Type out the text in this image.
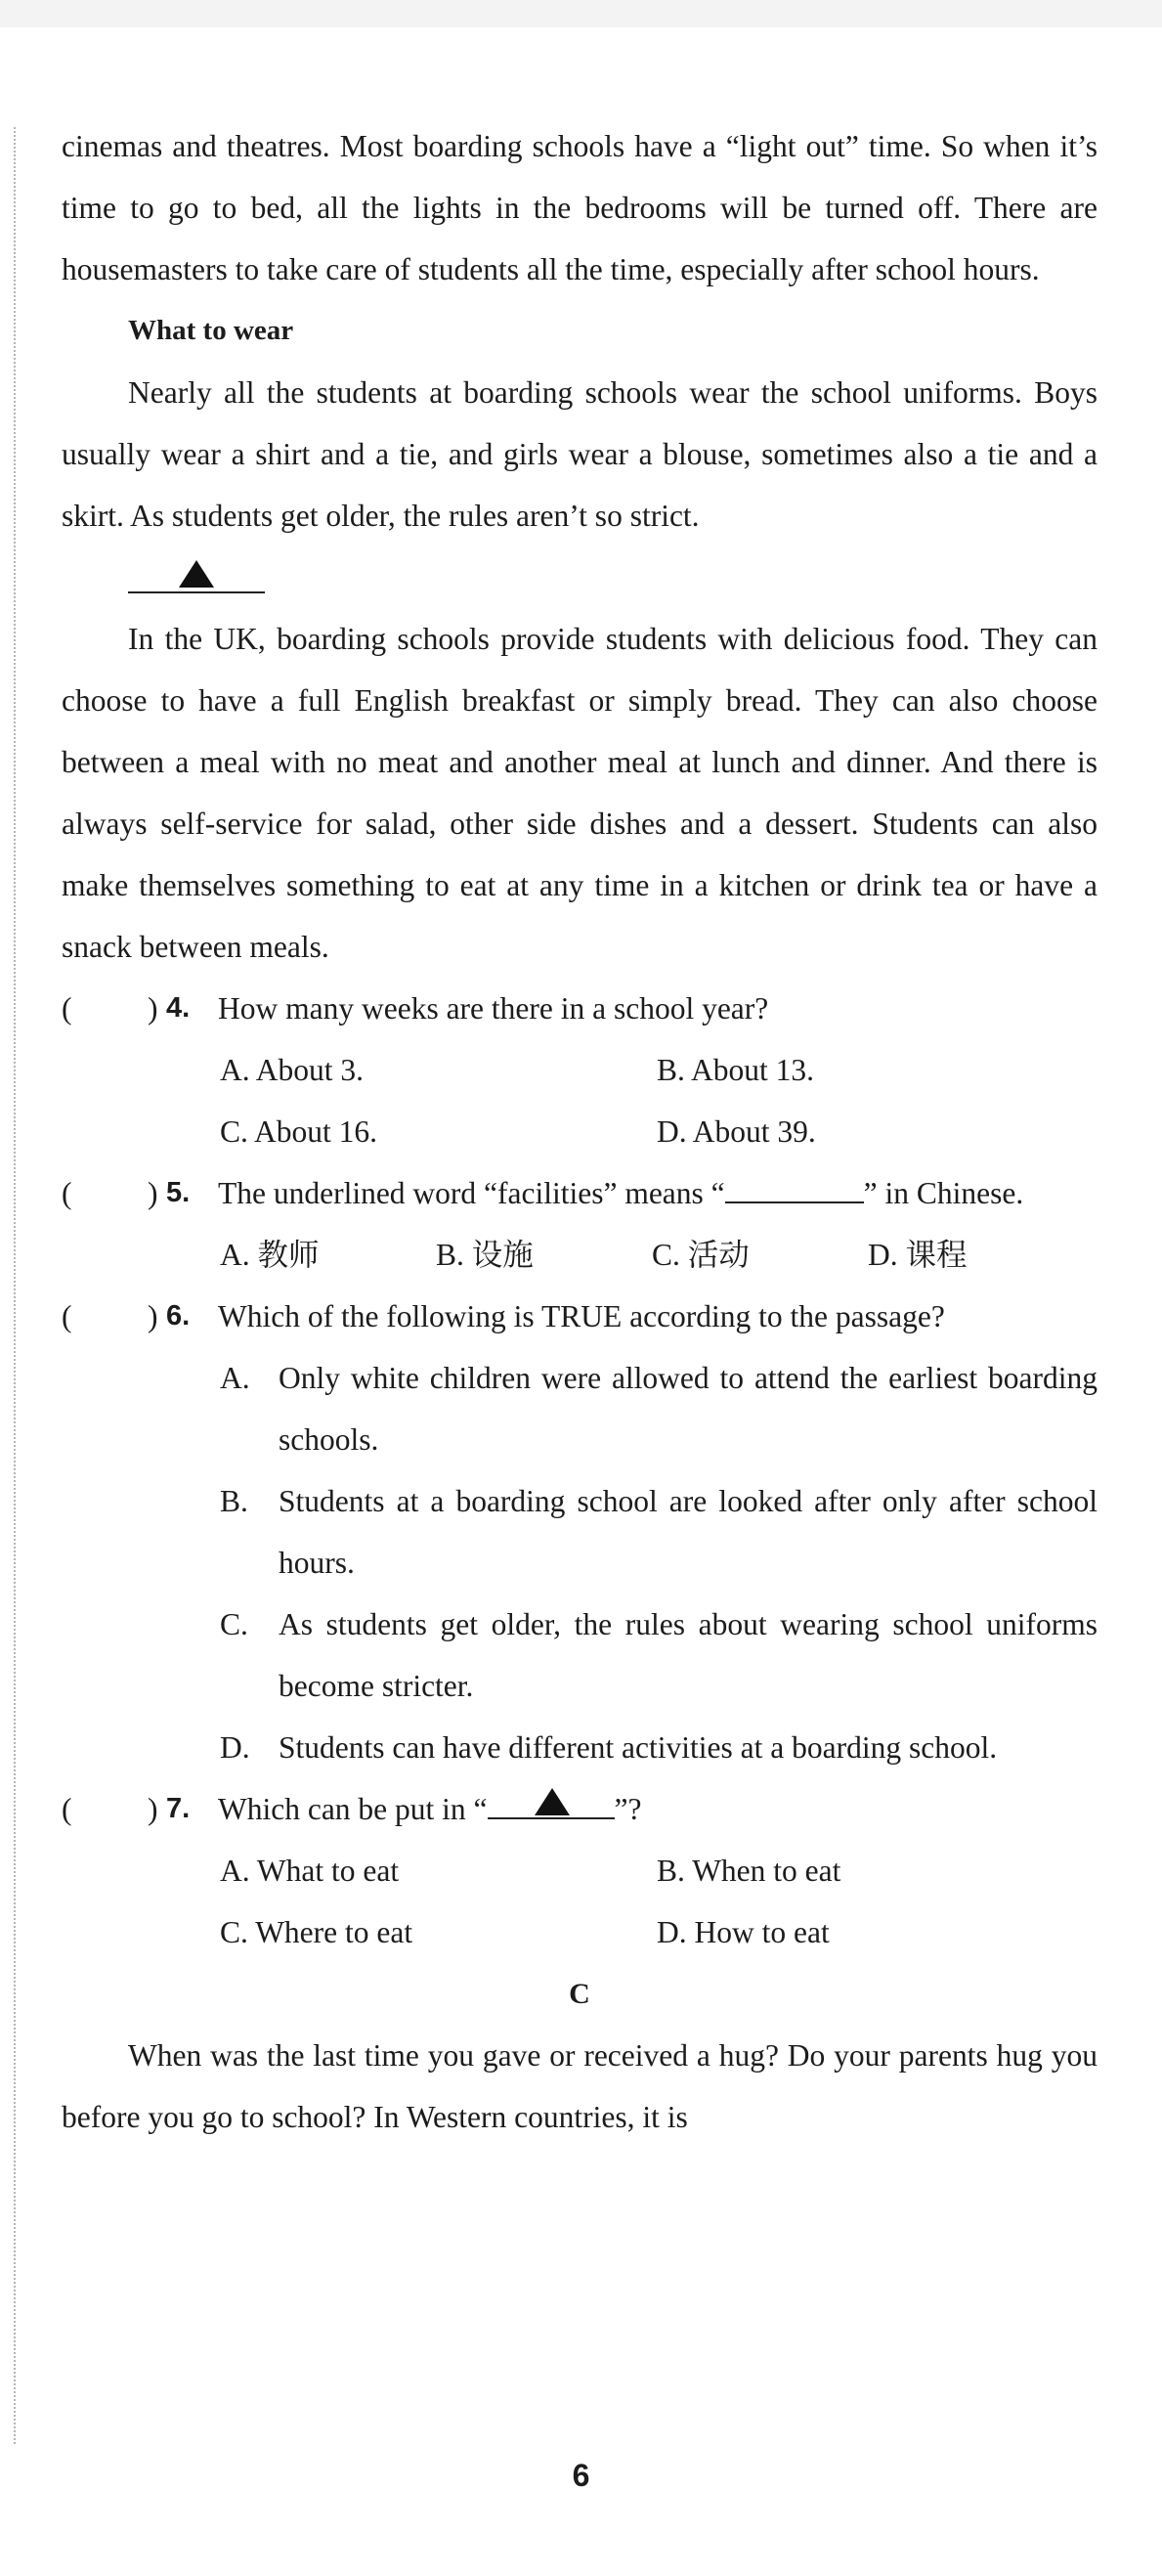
cinemas and theatres. Most boarding schools have a “light out” time. So when it’s time to go to bed, all the lights in the bedrooms will be turned off. There are housemasters to take care of students all the time, especially after school hours.

What to wear

Nearly all the students at boarding schools wear the school uniforms. Boys usually wear a shirt and a tie, and girls wear a blouse, sometimes also a tie and a skirt. As students get older, the rules aren’t so strict.

In the UK, boarding schools provide students with delicious food. They can choose to have a full English breakfast or simply bread. They can also choose between a meal with no meat and another meal at lunch and dinner. And there is always self-service for salad, other side dishes and a dessert. Students can also make themselves something to eat at any time in a kitchen or drink tea or have a snack between meals.

( ) 4. How many weeks are there in a school year?
A. About 3.	B. About 13.
C. About 16.	D. About 39.
( ) 5. The underlined word “facilities” means “	” in Chinese.
A. 教师	B. 设施	C. 活动	D. 课程
( ) 6. Which of the following is TRUE according to the passage?
A. Only white children were allowed to attend the earliest boarding schools.
B. Students at a boarding school are looked after only after school hours.
C. As students get older, the rules about wearing school uniforms become stricter.
D. Students can have different activities at a boarding school.
( ) 7. Which can be put in “	”?
A. What to eat	B. When to eat
C. Where to eat	D. How to eat

C

When was the last time you gave or received a hug? Do your parents hug you before you go to school? In Western countries, it is

6
